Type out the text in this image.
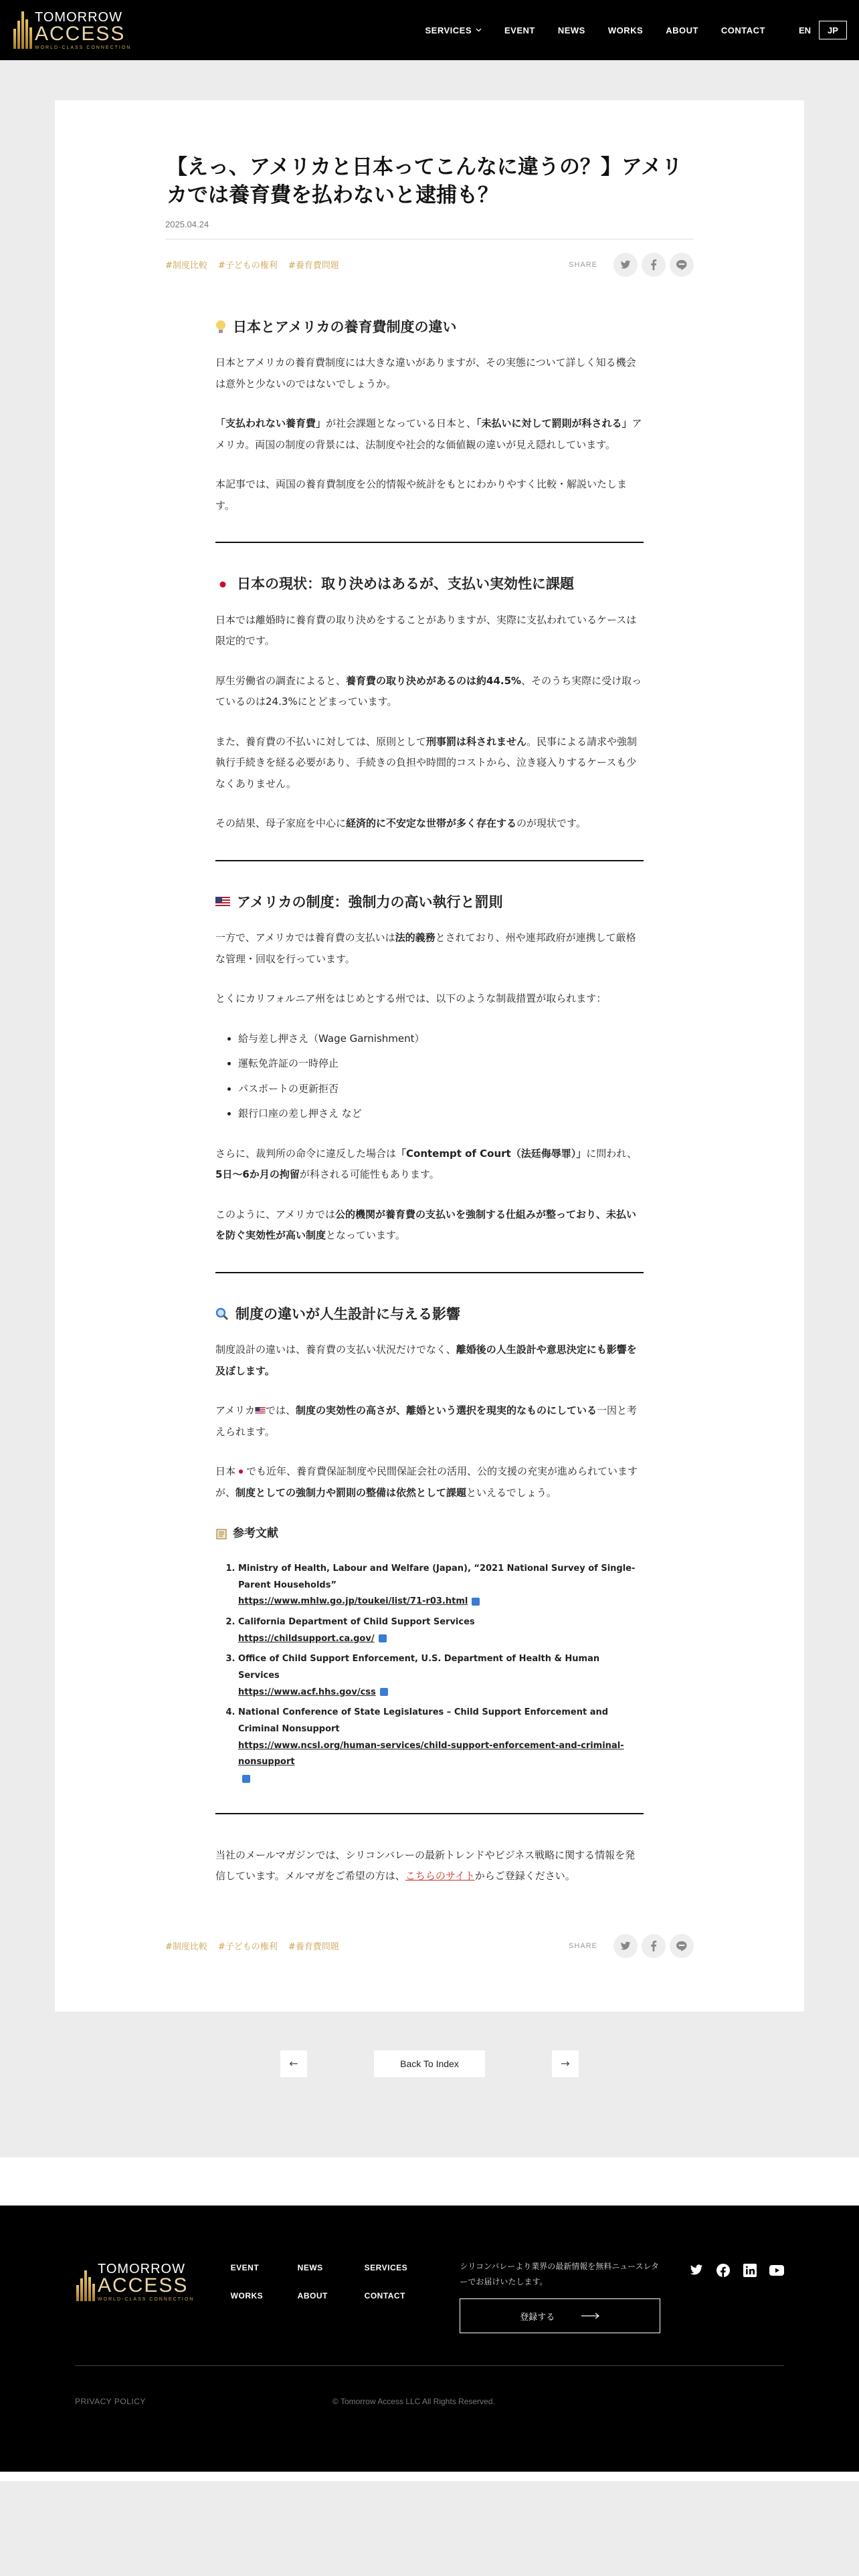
TOMORROW
ACCESS
WORLD-CLASS CONNECTION
SERVICES	EVENT	NEWS	WORKS	ABOUT	CONTACT	EN	JP
【えっ、アメリカと日本ってこんなに違うの？】アメリカでは養育費を払わないと逮捕も？
2025.04.24
#制度比較 #子どもの権利 #養育費問題	SHARE
日本とアメリカの養育費制度の違い

日本とアメリカの養育費制度には大きな違いがありますが、その実態について詳しく知る機会は意外と少ないのではないでしょうか。

「支払われない養育費」が社会課題となっている日本と、「未払いに対して罰則が科される」アメリカ。両国の制度の背景には、法制度や社会的な価値観の違いが見え隠れしています。

本記事では、両国の養育費制度を公的情報や統計をもとにわかりやすく比較・解説いたします。

日本の現状：取り決めはあるが、支払い実効性に課題

日本では離婚時に養育費の取り決めをすることがありますが、実際に支払われているケースは限定的です。

厚生労働省の調査によると、養育費の取り決めがあるのは約44.5%、そのうち実際に受け取っているのは24.3%にとどまっています。

また、養育費の不払いに対しては、原則として刑事罰は科されません。民事による請求や強制執行手続きを経る必要があり、手続きの負担や時間的コストから、泣き寝入りするケースも少なくありません。

その結果、母子家庭を中心に経済的に不安定な世帯が多く存在するのが現状です。

アメリカの制度：強制力の高い執行と罰則

一方で、アメリカでは養育費の支払いは法的義務とされており、州や連邦政府が連携して厳格な管理・回収を行っています。

とくにカリフォルニア州をはじめとする州では、以下のような制裁措置が取られます：

• 給与差し押さえ（Wage Garnishment）
• 運転免許証の一時停止
• パスポートの更新拒否
• 銀行口座の差し押さえ など

さらに、裁判所の命令に違反した場合は「Contempt of Court（法廷侮辱罪）」に問われ、5日〜6か月の拘留が科される可能性もあります。

このように、アメリカでは公的機関が養育費の支払いを強制する仕組みが整っており、未払いを防ぐ実効性が高い制度となっています。

制度の違いが人生設計に与える影響

制度設計の違いは、養育費の支払い状況だけでなく、離婚後の人生設計や意思決定にも影響を及ぼします。

アメリカ では、制度の実効性の高さが、離婚という選択を現実的なものにしている一因と考えられます。

日本 でも近年、養育費保証制度や民間保証会社の活用、公的支援の充実が進められていますが、制度としての強制力や罰則の整備は依然として課題といえるでしょう。

参考文献
1. Ministry of Health, Labour and Welfare (Japan), “2021 National Survey of Single-Parent Households”
https://www.mhlw.go.jp/toukei/list/71-r03.html
2. California Department of Child Support Services
https://childsupport.ca.gov/
3. Office of Child Support Enforcement, U.S. Department of Health & Human Services
https://www.acf.hhs.gov/css
4. National Conference of State Legislatures – Child Support Enforcement and Criminal Nonsupport
https://www.ncsl.org/human-services/child-support-enforcement-and-criminal-nonsupport

当社のメールマガジンでは、シリコンバレーの最新トレンドやビジネス戦略に関する情報を発信しています。メルマガをご希望の方は、こちらのサイトからご登録ください。

#制度比較 #子どもの権利 #養育費問題	SHARE
←	Back To Index	→
TOMORROW
ACCESS
WORLD-CLASS CONNECTION
EVENT	NEWS	SERVICES
WORKS	ABOUT	CONTACT
シリコンバレーより業界の最新情報を無料ニュースレターでお届けいたします。
登録する
PRIVACY POLICY	© Tomorrow Access LLC All Rights Reserved.
